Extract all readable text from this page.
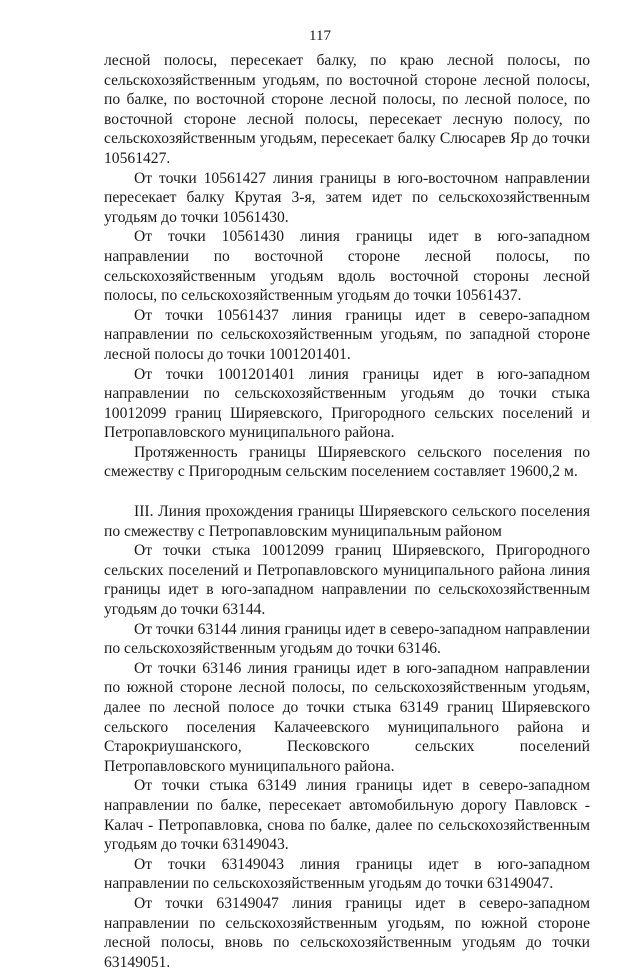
117

лесной полосы, пересекает балку, по краю лесной полосы, по сельскохозяйственным угодьям, по восточной стороне лесной полосы, по балке, по восточной стороне лесной полосы, по лесной полосе, по восточной стороне лесной полосы, пересекает лесную полосу, по сельскохозяйственным угодьям, пересекает балку Слюсарев Яр до точки 10561427.

От точки 10561427 линия границы в юго-восточном направлении пересекает балку Крутая 3-я, затем идет по сельскохозяйственным угодьям до точки 10561430.

От точки 10561430 линия границы идет в юго-западном направлении по восточной стороне лесной полосы, по сельскохозяйственным угодьям вдоль восточной стороны лесной полосы, по сельскохозяйственным угодьям до точки 10561437.

От точки 10561437 линия границы идет в северо-западном направлении по сельскохозяйственным угодьям, по западной стороне лесной полосы до точки 1001201401.

От точки 1001201401 линия границы идет в юго-западном направлении по сельскохозяйственным угодьям до точки стыка 10012099 границ Ширяевского, Пригородного сельских поселений и Петропавловского муниципального района.

Протяженность границы Ширяевского сельского поселения по смежеству с Пригородным сельским поселением составляет 19600,2 м.

III. Линия прохождения границы Ширяевского сельского поселения по смежеству с Петропавловским муниципальным районом

От точки стыка 10012099 границ Ширяевского, Пригородного сельских поселений и Петропавловского муниципального района линия границы идет в юго-западном направлении по сельскохозяйственным угодьям до точки 63144.

От точки 63144 линия границы идет в северо-западном направлении по сельскохозяйственным угодьям до точки 63146.

От точки 63146 линия границы идет в юго-западном направлении по южной стороне лесной полосы, по сельскохозяйственным угодьям, далее по лесной полосе до точки стыка 63149 границ Ширяевского сельского поселения Калачеевского муниципального района и Старокриушанского, Песковского сельских поселений Петропавловского муниципального района.

От точки стыка 63149 линия границы идет в северо-западном направлении по балке, пересекает автомобильную дорогу Павловск - Калач - Петропавловка, снова по балке, далее по сельскохозяйственным угодьям до точки 63149043.

От точки 63149043 линия границы идет в юго-западном направлении по сельскохозяйственным угодьям до точки 63149047.

От точки 63149047 линия границы идет в северо-западном направлении по сельскохозяйственным угодьям, по южной стороне лесной полосы, вновь по сельскохозяйственным угодьям до точки 63149051.
